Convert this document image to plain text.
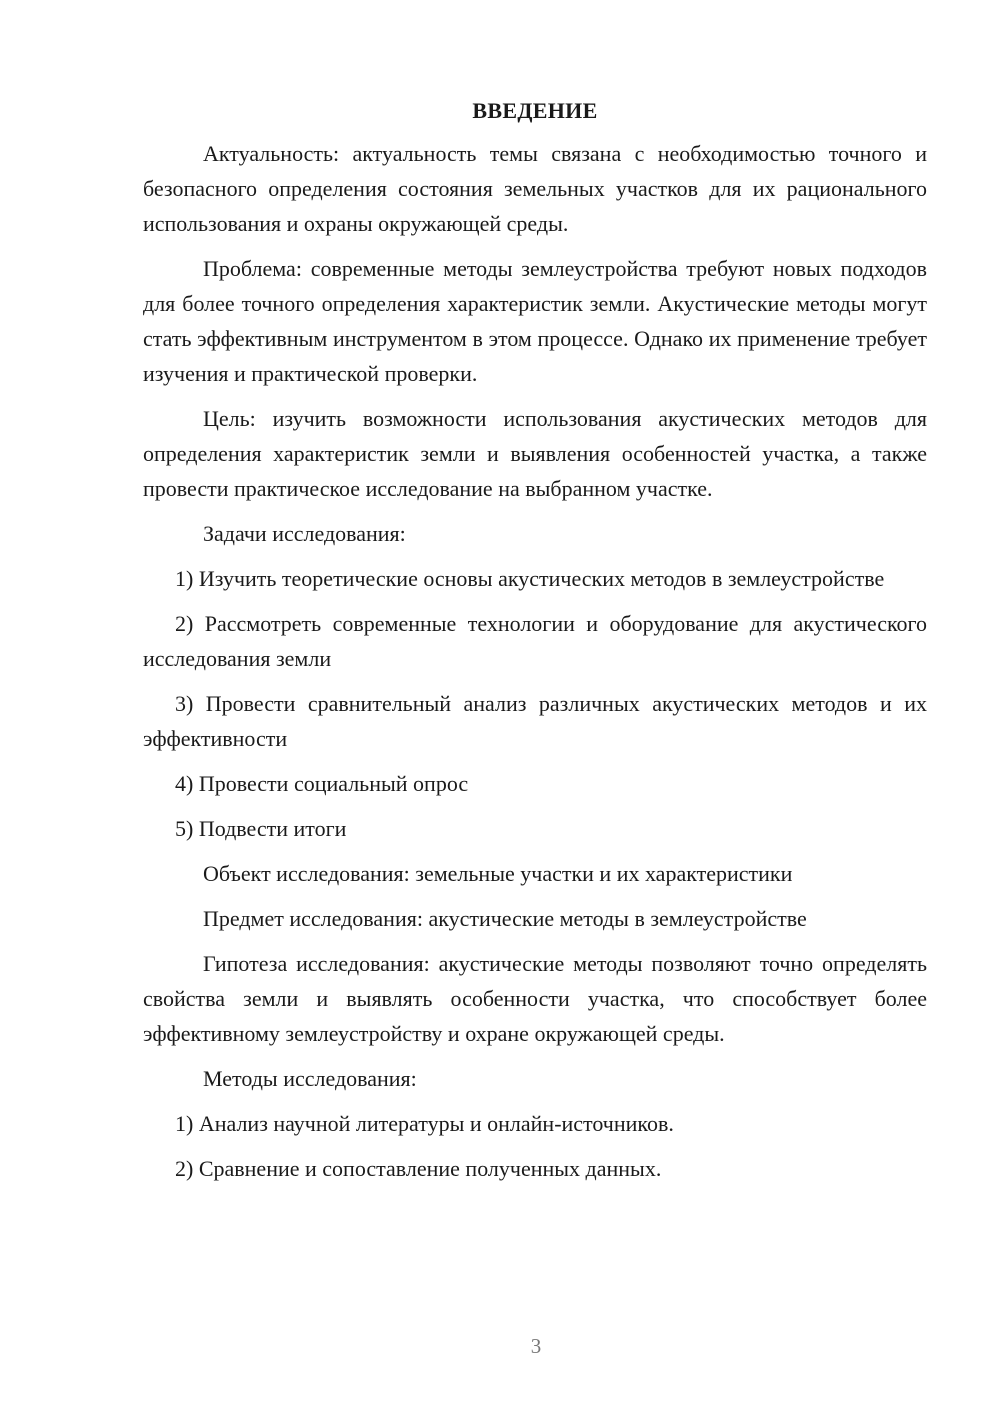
ВВЕДЕНИЕ

Актуальность: актуальность темы связана с необходимостью точного и безопасного определения состояния земельных участков для их рационального использования и охраны окружающей среды.

Проблема: современные методы землеустройства требуют новых подходов для более точного определения характеристик земли. Акустические методы могут стать эффективным инструментом в этом процессе. Однако их применение требует изучения и практической проверки.

Цель: изучить возможности использования акустических методов для определения характеристик земли и выявления особенностей участка, а также провести практическое исследование на выбранном участке.

Задачи исследования:

1) Изучить теоретические основы акустических методов в землеустройстве

2) Рассмотреть современные технологии и оборудование для акустического исследования земли

3) Провести сравнительный анализ различных акустических методов и их эффективности

4) Провести социальный опрос

5) Подвести итоги

Объект исследования: земельные участки и их характеристики

Предмет исследования: акустические методы в землеустройстве

Гипотеза исследования: акустические методы позволяют точно определять свойства земли и выявлять особенности участка, что способствует более эффективному землеустройству и охране окружающей среды.

Методы исследования:

1) Анализ научной литературы и онлайн-источников.

2) Сравнение и сопоставление полученных данных.

3
